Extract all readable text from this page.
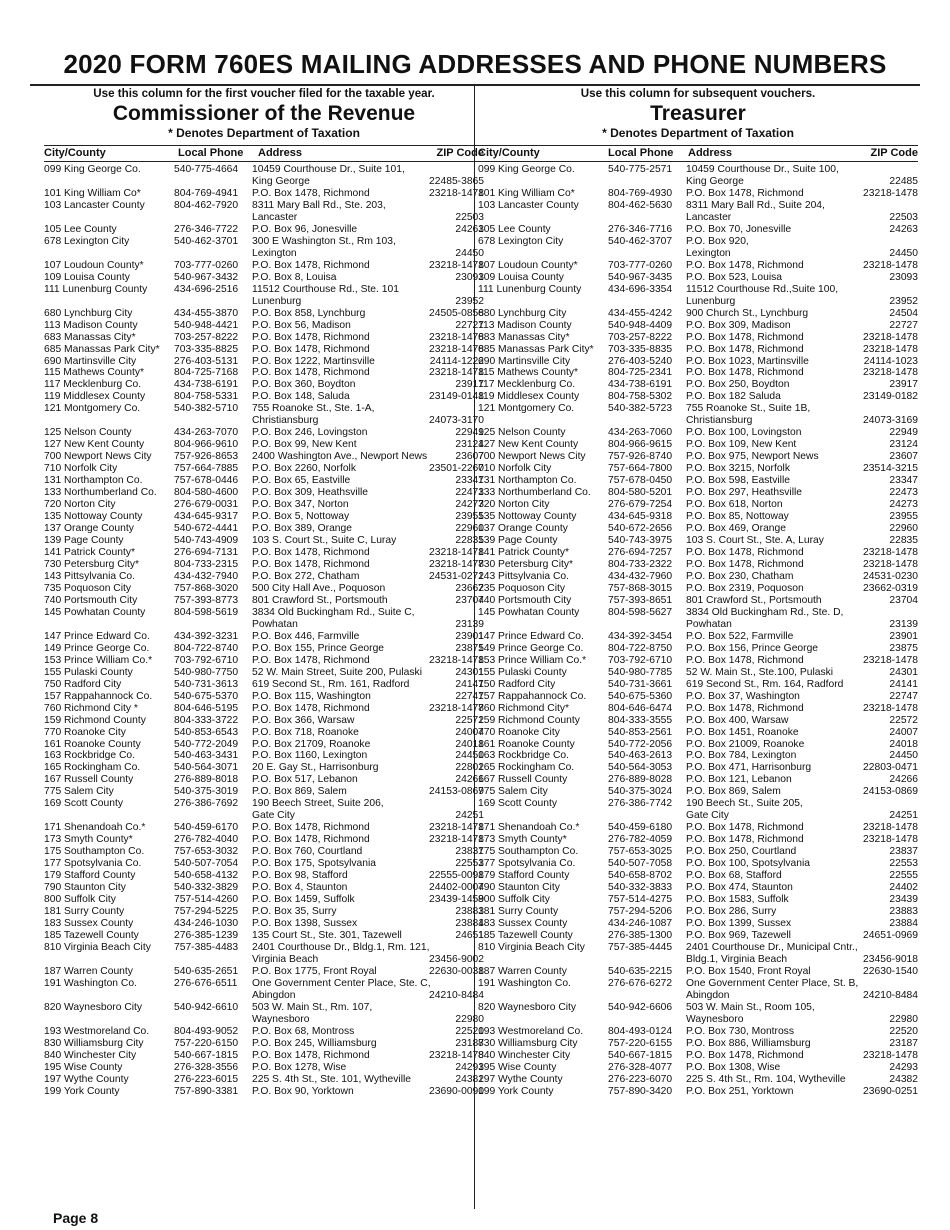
2020 FORM 760ES MAILING ADDRESSES AND PHONE NUMBERS
Use this column for the first voucher filed for the taxable year.
Commissioner of the Revenue
* Denotes Department of Taxation
City/County	Local Phone Address	ZIP Code
099 King George Co.	540-775-4664 10459 Courthouse Dr., Suite 101,
King George	22485-3865
101 King William Co*	804-769-4941 P.O. Box 1478, Richmond	23218-1478
103 Lancaster County	804-462-7920 8311 Mary Ball Rd., Ste. 203,
Lancaster	22503
105 Lee County	276-346-7722 P.O. Box 96, Jonesville	24263
678 Lexington City	540-462-3701 300 E Washington St., Rm 103,
Lexington	24450
107 Loudoun County*	703-777-0260 P.O. Box 1478, Richmond	23218-1478
109 Louisa County	540-967-3432 P.O. Box 8, Louisa	23093
111 Lunenburg County	434-696-2516 11512 Courthouse Rd., Ste. 101
Lunenburg	23952
680 Lynchburg City	434-455-3870 P.O. Box 858, Lynchburg	24505-0858
113 Madison County	540-948-4421 P.O. Box 56, Madison	22727
683 Manassas City*	703-257-8222 P.O. Box 1478, Richmond	23218-1478
685 Manassas Park City*	703-335-8825 P.O. Box 1478, Richmond	23218-1478
690 Martinsville City	276-403-5131 P.O. Box 1222, Martinsville	24114-1222
115 Mathews County*	804-725-7168 P.O. Box 1478, Richmond	23218-1478
117 Mecklenburg Co.	434-738-6191 P.O. Box 360, Boydton	23917
119 Middlesex County	804-758-5331 P.O. Box 148, Saluda	23149-0148
121 Montgomery Co.	540-382-5710 755 Roanoke St., Ste. 1-A,
Christiansburg	24073-3170
125 Nelson County	434-263-7070 P.O. Box 246, Lovingston	22949
127 New Kent County	804-966-9610 P.O. Box 99, New Kent	23124
700 Newport News City	757-926-8653 2400 Washington Ave., Newport News	23607
710 Norfolk City	757-664-7885 P.O. Box 2260, Norfolk	23501-2260
131 Northampton Co.	757-678-0446 P.O. Box 65, Eastville	23347
133 Northumberland Co.	804-580-4600 P.O. Box 309, Heathsville	22473
720 Norton City	276-679-0031 P.O. Box 347, Norton	24273
135 Nottoway County	434-645-9317 P.O. Box 5, Nottoway	23955
137 Orange County	540-672-4441 P.O. Box 389, Orange	22960
139 Page County	540-743-4909 103 S. Court St., Suite C, Luray	22835
141 Patrick County*	276-694-7131 P.O. Box 1478, Richmond	23218-1478
730 Petersburg City*	804-733-2315 P.O. Box 1478, Richmond	23218-1478
143 Pittsylvania Co.	434-432-7940 P.O. Box 272, Chatham	24531-0272
735 Poquoson City	757-868-3020 500 City Hall Ave., Poquoson	23662
740 Portsmouth City	757-393-8773 801 Crawford St., Portsmouth	23704
145 Powhatan County	804-598-5619 3834 Old Buckingham Rd., Suite C,
Powhatan	23139
147 Prince Edward Co.	434-392-3231 P.O. Box 446, Farmville	23901
149 Prince George Co.	804-722-8740 P.O. Box 155, Prince George	23875
153 Prince William Co.*	703-792-6710 P.O. Box 1478, Richmond	23218-1478
155 Pulaski County	540-980-7750 52 W. Main Street, Suite 200, Pulaski	24301
750 Radford City	540-731-3613 619 Second St., Rm. 161, Radford	24141
157 Rappahannock Co.	540-675-5370 P.O. Box 115, Washington	22747
760 Richmond City *	804-646-5195 P.O. Box 1478, Richmond	23218-1478
159 Richmond County	804-333-3722 P.O. Box 366, Warsaw	22572
770 Roanoke City	540-853-6543 P.O. Box 718, Roanoke	24004
161 Roanoke County	540-772-2049 P.O. Box 21709, Roanoke	24018
163 Rockbridge Co.	540-463-3431 P.O. Box 1160, Lexington	24450
165 Rockingham Co.	540-564-3071 20 E. Gay St., Harrisonburg	22802
167 Russell County	276-889-8018 P.O. Box 517, Lebanon	24266
775 Salem City	540-375-3019 P.O. Box 869, Salem	24153-0869
169 Scott County	276-386-7692 190 Beech Street, Suite 206,
Gate City	24251
171 Shenandoah Co.*	540-459-6170 P.O. Box 1478, Richmond	23218-1478
173 Smyth County*	276-782-4040 P.O. Box 1478, Richmond	23218-1478
175 Southampton Co.	757-653-3032 P.O. Box 760, Courtland	23837
177 Spotsylvania Co.	540-507-7054 P.O. Box 175, Spotsylvania	22553
179 Stafford County	540-658-4132 P.O. Box 98, Stafford	22555-0098
790 Staunton City	540-332-3829 P.O. Box 4, Staunton	24402-0004
800 Suffolk City	757-514-4260 P.O. Box 1459, Suffolk	23439-1459
181 Surry County	757-294-5225 P.O. Box 35, Surry	23883
183 Sussex County	434-246-1030 P.O. Box 1398, Sussex	23884
185 Tazewell County	276-385-1239 135 Court St., Ste. 301, Tazewell	24651
810 Virginia Beach City	757-385-4483 2401 Courthouse Dr., Bldg.1, Rm. 121,
Virginia Beach	23456-9002
187 Warren County	540-635-2651 P.O. Box 1775, Front Royal	22630-0038
191 Washington Co.	276-676-6511 One Government Center Place, Ste. C,
Abingdon	24210-8484
820 Waynesboro City	540-942-6610 503 W. Main St., Rm. 107,
Waynesboro	22980
193 Westmoreland Co.	804-493-9052 P.O. Box 68, Montross	22520
830 Williamsburg City	757-220-6150 P.O. Box 245, Williamsburg	23187
840 Winchester City	540-667-1815 P.O. Box 1478, Richmond	23218-1478
195 Wise County	276-328-3556 P.O. Box 1278, Wise	24293
197 Wythe County	276-223-6015 225 S. 4th St., Ste. 101, Wytheville	24382
199 York County	757-890-3381 P.O. Box 90, Yorktown	23690-0090
Use this column for subsequent vouchers.
Treasurer
* Denotes Department of Taxation
City/County	Local Phone Address	ZIP Code
099 King George Co.	540-775-2571 10459 Courthouse Dr., Suite 100,
King George	22485
101 King William Co*	804-769-4930 P.O. Box 1478, Richmond	23218-1478
103 Lancaster County	804-462-5630 8311 Mary Ball Rd., Suite 204,
Lancaster	22503
105 Lee County	276-346-7716 P.O. Box 70, Jonesville	24263
678 Lexington City	540-462-3707 P.O. Box 920,
Lexington	24450
107 Loudoun County*	703-777-0260 P.O. Box 1478, Richmond	23218-1478
109 Louisa County	540-967-3435 P.O. Box 523, Louisa	23093
111 Lunenburg County	434-696-3354 11512 Courthouse Rd.,Suite 100,
Lunenburg	23952
680 Lynchburg City	434-455-4242 900 Church St., Lynchburg	24504
113 Madison County	540-948-4409 P.O. Box 309, Madison	22727
683 Manassas City*	703-257-8222 P.O. Box 1478, Richmond	23218-1478
685 Manassas Park City*	703-335-8835 P.O. Box 1478, Richmond	23218-1478
690 Martinsville City	276-403-5240 P.O. Box 1023, Martinsville	24114-1023
115 Mathews County*	804-725-2341 P.O. Box 1478, Richmond	23218-1478
117 Mecklenburg Co.	434-738-6191 P.O. Box 250, Boydton	23917
119 Middlesex County	804-758-5302 P.O. Box 182 Saluda	23149-0182
121 Montgomery Co.	540-382-5723 755 Roanoke St., Suite 1B,
Christiansburg	24073-3169
125 Nelson County	434-263-7060 P.O. Box 100, Lovingston	22949
127 New Kent County	804-966-9615 P.O. Box 109, New Kent	23124
700 Newport News City	757-926-8740 P.O. Box 975, Newport News	23607
710 Norfolk City	757-664-7800 P.O. Box 3215, Norfolk	23514-3215
131 Northampton Co.	757-678-0450 P.O. Box 598, Eastville	23347
133 Northumberland Co.	804-580-5201 P.O. Box 297, Heathsville	22473
720 Norton City	276-679-7254 P.O. Box 618, Norton	24273
135 Nottoway County	434-645-9318 P.O. Box 85, Nottoway	23955
137 Orange County	540-672-2656 P.O. Box 469, Orange	22960
139 Page County	540-743-3975 103 S. Court St., Ste. A, Luray	22835
141 Patrick County*	276-694-7257 P.O. Box 1478, Richmond	23218-1478
730 Petersburg City*	804-733-2322 P.O. Box 1478, Richmond	23218-1478
143 Pittsylvania Co.	434-432-7960 P.O. Box 230, Chatham	24531-0230
735 Poquoson City	757-868-3015 P.O. Box 2319, Poquoson	23662-0319
740 Portsmouth City	757-393-8651 801 Crawford St., Portsmouth	23704
145 Powhatan County	804-598-5627 3834 Old Buckingham Rd., Ste. D,
Powhatan	23139
147 Prince Edward Co.	434-392-3454 P.O. Box 522, Farmville	23901
149 Prince George Co.	804-722-8750 P.O. Box 156, Prince George	23875
153 Prince William Co.*	703-792-6710 P.O. Box 1478, Richmond	23218-1478
155 Pulaski County	540-980-7785 52 W. Main St., Ste.100, Pulaski	24301
750 Radford City	540-731-3661 619 Second St., Rm. 164, Radford	24141
157 Rappahannock Co.	540-675-5360 P.O. Box 37, Washington	22747
760 Richmond City*	804-646-6474 P.O. Box 1478, Richmond	23218-1478
159 Richmond County	804-333-3555 P.O. Box 400, Warsaw	22572
770 Roanoke City	540-853-2561 P.O. Box 1451, Roanoke	24007
161 Roanoke County	540-772-2056 P.O. Box 21009, Roanoke	24018
163 Rockbridge Co.	540-463-2613 P.O. Box 784, Lexington	24450
165 Rockingham Co.	540-564-3053 P.O. Box 471, Harrisonburg	22803-0471
167 Russell County	276-889-8028 P.O. Box 121, Lebanon	24266
775 Salem City	540-375-3024 P.O. Box 869, Salem	24153-0869
169 Scott County	276-386-7742 190 Beech St., Suite 205,
Gate City	24251
171 Shenandoah Co.*	540-459-6180 P.O. Box 1478, Richmond	23218-1478
173 Smyth County*	276-782-4059 P.O. Box 1478, Richmond	23218-1478
175 Southampton Co.	757-653-3025 P.O. Box 250, Courtland	23837
177 Spotsylvania Co.	540-507-7058 P.O. Box 100, Spotsylvania	22553
179 Stafford County	540-658-8702 P.O. Box 68, Stafford	22555
790 Staunton City	540-332-3833 P.O. Box 474, Staunton	24402
800 Suffolk City	757-514-4275 P.O. Box 1583, Suffolk	23439
181 Surry County	757-294-5206 P.O. Box 286, Surry	23883
183 Sussex County	434-246-1087 P.O. Box 1399, Sussex	23884
185 Tazewell County	276-385-1300 P.O. Box 969, Tazewell	24651-0969
810 Virginia Beach City	757-385-4445 2401 Courthouse Dr., Municipal Cntr.,
Bldg.1, Virginia Beach	23456-9018
187 Warren County	540-635-2215 P.O. Box 1540, Front Royal	22630-1540
191 Washington Co.	276-676-6272 One Government Center Place, St. B,
Abingdon	24210-8484
820 Waynesboro City	540-942-6606 503 W. Main St., Room 105,
Waynesboro	22980
193 Westmoreland Co.	804-493-0124 P.O. Box 730, Montross	22520
830 Williamsburg City	757-220-6155 P.O. Box 886, Williamsburg	23187
840 Winchester City	540-667-1815 P.O. Box 1478, Richmond	23218-1478
195 Wise County	276-328-4077 P.O. Box 1308, Wise	24293
197 Wythe County	276-223-6070 225 S. 4th St., Rm. 104, Wytheville	24382
199 York County	757-890-3420 P.O. Box 251, Yorktown	23690-0251
Page 8
